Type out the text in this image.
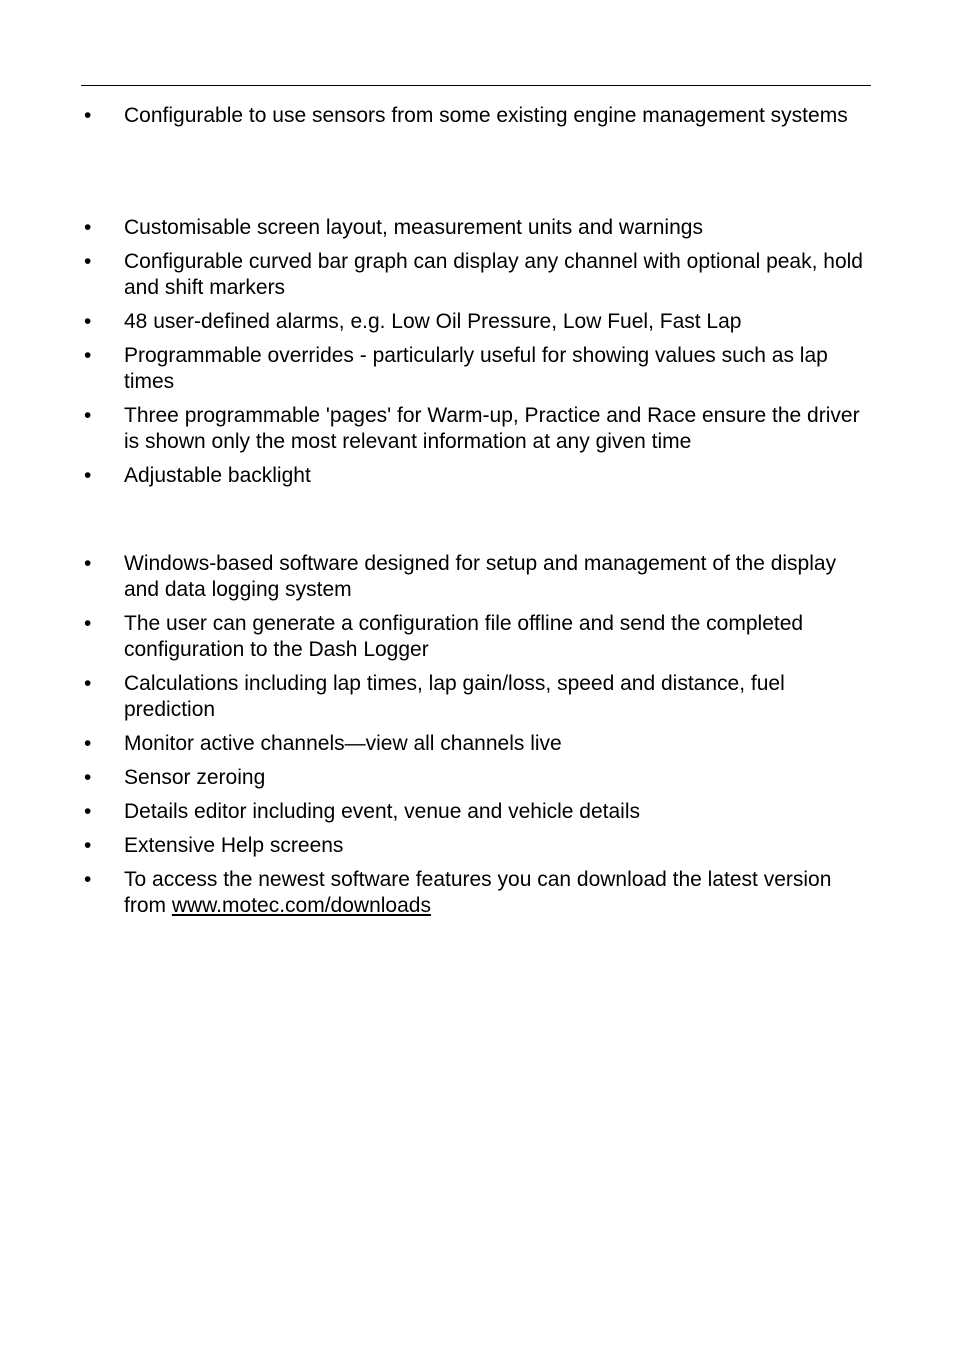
•	Configurable to use sensors from some existing engine management systems
•	Customisable screen layout, measurement units and warnings
•	Configurable curved bar graph can display any channel with optional peak, hold and shift markers
•	48 user-defined alarms, e.g. Low Oil Pressure, Low Fuel, Fast Lap
•	Programmable overrides - particularly useful for showing values such as lap times
•	Three programmable 'pages' for Warm-up, Practice and Race ensure the driver is shown only the most relevant information at any given time
•	Adjustable backlight
•	Windows-based software designed for setup and management of the display and data logging system
•	The user can generate a configuration file offline and send the completed configuration to the Dash Logger
•	Calculations including lap times, lap gain/loss, speed and distance, fuel prediction
•	Monitor active channels—view all channels live
•	Sensor zeroing
•	Details editor including event, venue and vehicle details
•	Extensive Help screens
•	To access the newest software features you can download the latest version from www.motec.com/downloads
